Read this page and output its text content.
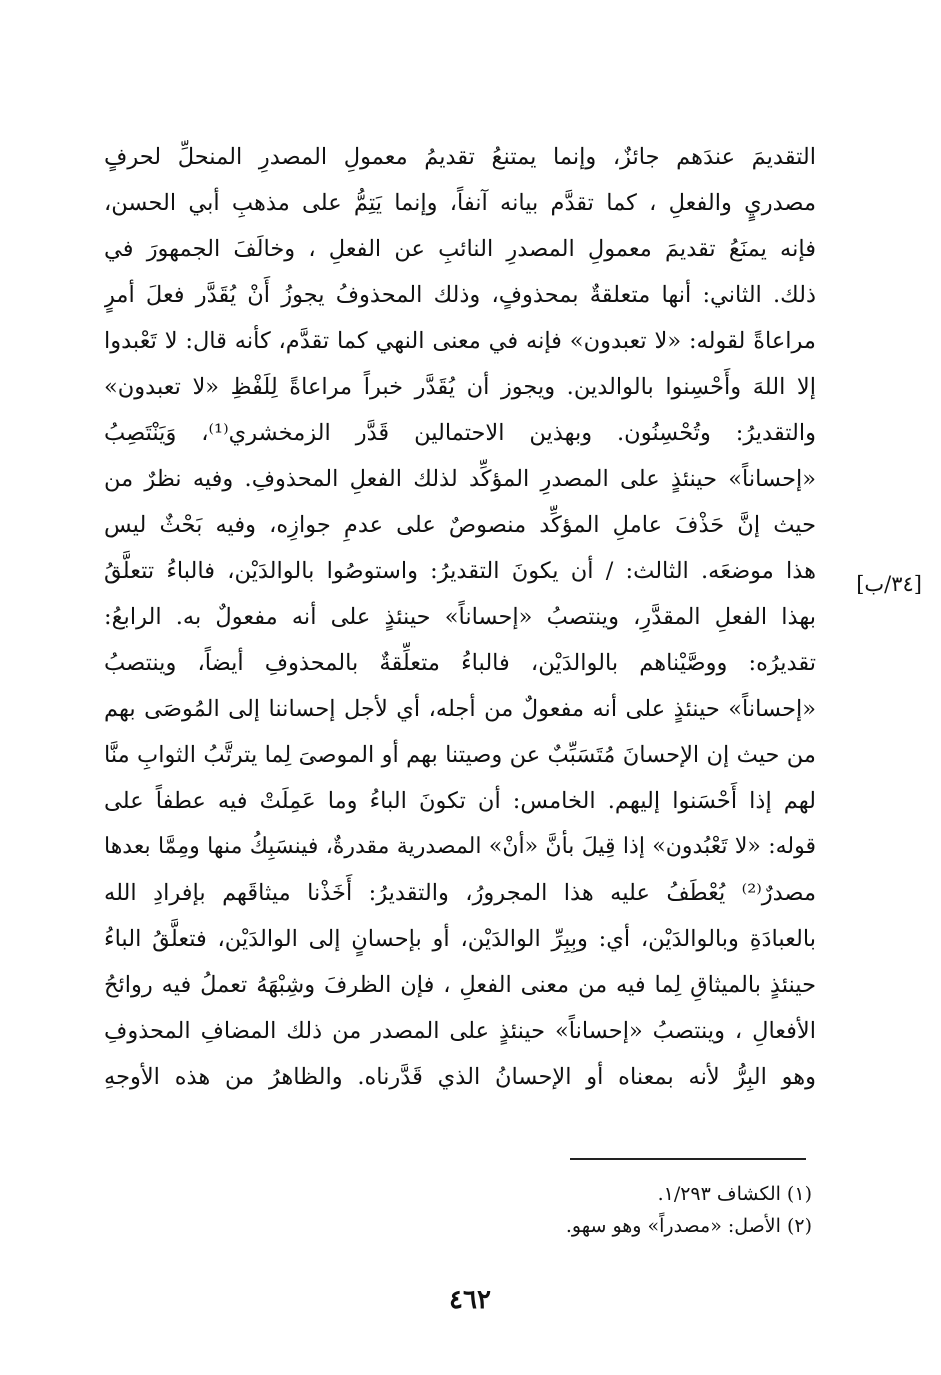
التقديمَ عندَهم جائزٌ، وإنما يمتنعُ تقديمُ معمولِ المصدرِ المنحلِّ لحرفٍ
مصدريٍ والفعلِ ، كما تقدَّم بيانه آنفاً، وإنما يَتِمُّ على مذهبِ أبي الحسن،
فإنه يمنَعُ تقديمَ معمولِ المصدرِ النائبِ عن الفعلِ ، وخالَفَ الجمهورَ في
ذلك. الثاني: أنها متعلقةٌ بمحذوفٍ، وذلك المحذوفُ يجوزُ أَنْ يُقَدَّر فعلَ أمرٍ
مراعاةً لقوله: «لا تعبدون» فإنه في معنى النهي كما تقدَّم، كأنه قال: لا تَعْبدوا
إلا اللهَ وأَحْسِنوا بالوالدين. ويجوز أن يُقَدَّر خبراً مراعاةً لِلَفْظِ «لا تعبدون»
والتقديرُ: وتُحْسِنُون. وبهذين الاحتمالين قَدَّر الزمخشري⁽¹⁾، وَيَنْتَصِبُ
«إحساناً» حينئذٍ على المصدرِ المؤكِّد لذلك الفعلِ المحذوفِ. وفيه نظرٌ من
حيث إنَّ حَذْفَ عاملِ المؤكِّد منصوصٌ على عدمِ جوازِه، وفيه بَحْثٌ ليس
هذا موضعَه. الثالث: / أن يكونَ التقديرُ: واستوصُوا بالوالدَيْن، فالباءُ تتعلَّقُ
بهذا الفعلِ المقدَّرِ، وينتصبُ «إحساناً» حينئذٍ على أنه مفعولٌ به. الرابعُ:
تقديرُه: ووصَّيْناهم بالوالدَيْن، فالباءُ متعلِّقةٌ بالمحذوفِ أيضاً، وينتصبُ
«إحساناً» حينئذٍ على أنه مفعولٌ من أجله، أي لأجل إحساننا إلى المُوصَى بهم
من حيث إن الإحسانَ مُتَسَبِّبٌ عن وصيتنا بهم أو الموصىَ لِما يترتَّبُ الثوابِ منَّا
لهم إذا أَحْسَنوا إليهم. الخامس: أن تكونَ الباءُ وما عَمِلَتْ فيه عطفاً على
قوله: «لا تَعْبُدون» إذا قِيلَ بأنَّ «أنْ» المصدرية مقدرةٌ، فينسَبِكُ منها ومِمَّا بعدها
مصدرٌ⁽²⁾ يُعْطَفُ عليه هذا المجرورُ، والتقديرُ: أَخَذْنا ميثاقَهم بإفرادِ الله
بالعبادَةِ وبالوالدَيْن، أي: وبِبِرِّ الوالدَيْن، أو بإحسانٍ إلى الوالدَيْن، فتعلَّقُ الباءُ
حينئذٍ بالميثاقِ لِما فيه من معنى الفعلِ ، فإن الظرفَ وشِبْهَهُ تعملُ فيه روائحُ
الأفعالِ ، وينتصبُ «إحساناً» حينئذٍ على المصدر من ذلك المضافِ المحذوفِ
وهو البِرُّ لأنه بمعناه أو الإحسانُ الذي قَدَّرناه. والظاهرُ من هذه الأوجهِ
[٣٤/ب]
(١) الكشاف ١/٢٩٣.
(٢) الأصل: «مصدراً» وهو سهو.
٤٦٢
